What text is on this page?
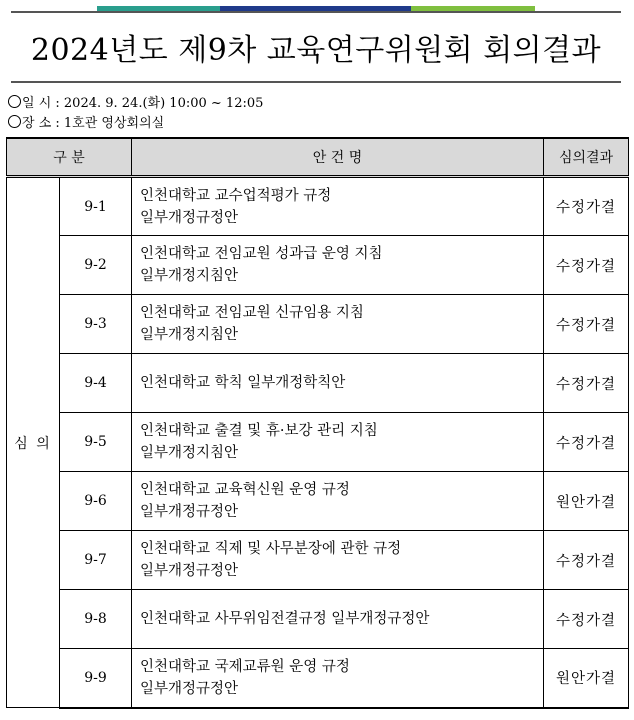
2024년도 제9차 교육연구위원회 회의결과
일 시 : 2024. 9. 24.(화) 10:00 ~ 12:05
장 소 : 1호관 영상회의실
구 분		안 건 명	심의결과
심 의	9-1	인천대학교 교수업적평가 규정
일부개정규정안	수정가결
	9-2	인천대학교 전임교원 성과급 운영 지침
일부개정지침안	수정가결
	9-3	인천대학교 전임교원 신규임용 지침
일부개정지침안	수정가결
	9-4	인천대학교 학칙 일부개정학칙안	수정가결
	9-5	인천대학교 출결 및 휴·보강 관리 지침
일부개정지침안	수정가결
	9-6	인천대학교 교육혁신원 운영 규정
일부개정규정안	원안가결
	9-7	인천대학교 직제 및 사무분장에 관한 규정
일부개정규정안	수정가결
	9-8	인천대학교 사무위임전결규정 일부개정규정안	수정가결
	9-9	인천대학교 국제교류원 운영 규정
일부개정규정안	원안가결
